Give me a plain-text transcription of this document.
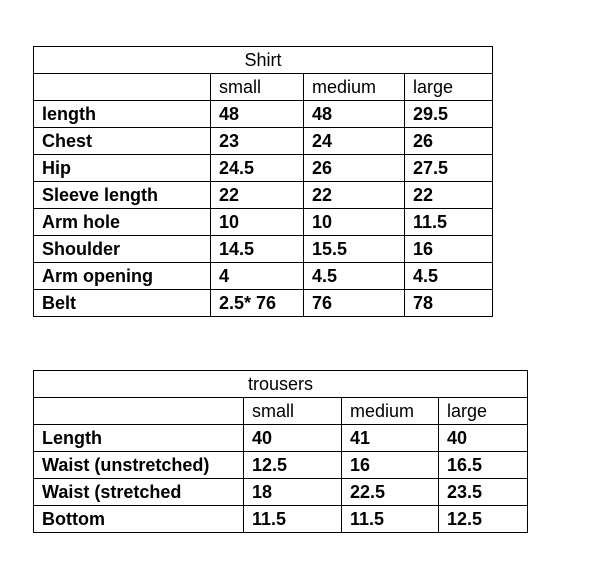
Shirt			
	small	medium	large
length	48	48	29.5
Chest	23	24	26
Hip	24.5	26	27.5
Sleeve length	22	22	22
Arm hole	10	10	11.5
Shoulder	14.5	15.5	16
Arm opening	4	4.5	4.5
Belt	2.5* 76	76	78
trousers			
	small	medium	large
Length	40	41	40
Waist (unstretched)	12.5	16	16.5
Waist (stretched	18	22.5	23.5
Bottom	11.5	11.5	12.5
